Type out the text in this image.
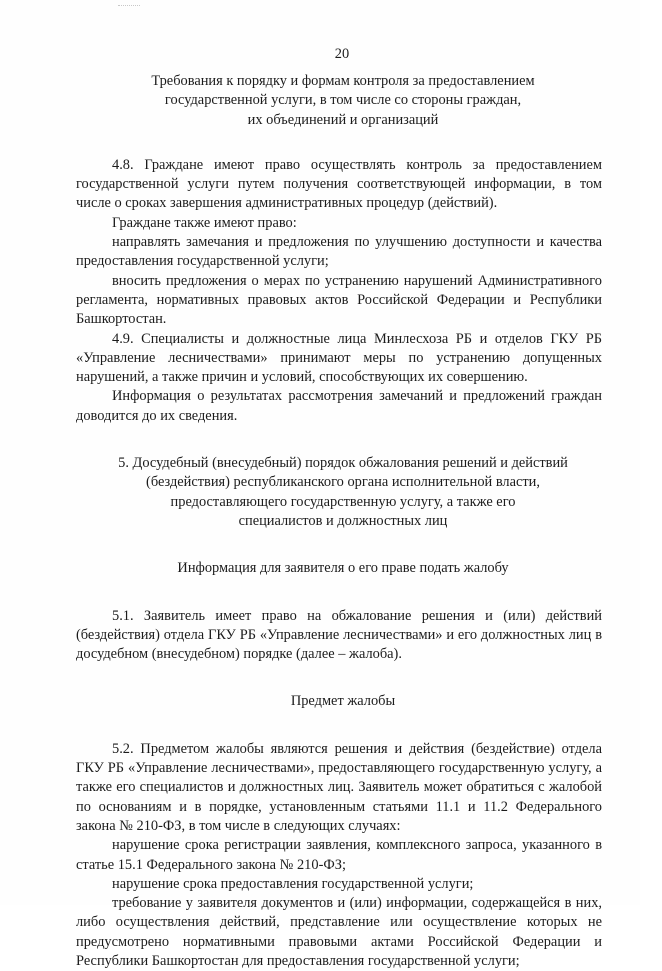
20

Требования к порядку и формам контроля за предоставлением

государственной услуги, в том числе со стороны граждан,

их объединений и организаций

4.8. Граждане имеют право осуществлять контроль за предоставлением государственной услуги путем получения соответствующей информации, в том числе о сроках завершения административных процедур (действий).

Граждане также имеют право:

направлять замечания и предложения по улучшению доступности и качества предоставления государственной услуги;

вносить предложения о мерах по устранению нарушений Административного регламента, нормативных правовых актов Российской Федерации и Республики Башкортостан.

4.9. Специалисты и должностные лица Минлесхоза РБ и отделов ГКУ РБ «Управление лесничествами» принимают меры по устранению допущенных нарушений, а также причин и условий, способствующих их совершению.

Информация о результатах рассмотрения замечаний и предложений граждан доводится до их сведения.

5. Досудебный (внесудебный) порядок обжалования решений и действий

(бездействия) республиканского органа исполнительной власти,

предоставляющего государственную услугу, а также его

специалистов и должностных лиц

Информация для заявителя о его праве подать жалобу

5.1. Заявитель имеет право на обжалование решения и (или) действий (бездействия) отдела ГКУ РБ «Управление лесничествами» и его должностных лиц в досудебном (внесудебном) порядке (далее – жалоба).

Предмет жалобы

5.2. Предметом жалобы являются решения и действия (бездействие) отдела ГКУ РБ «Управление лесничествами», предоставляющего государственную услугу, а также его специалистов и должностных лиц. Заявитель может обратиться с жалобой по основаниям и в порядке, установленным статьями 11.1 и 11.2 Федерального закона № 210-ФЗ, в том числе в следующих случаях:

нарушение срока регистрации заявления, комплексного запроса, указанного в статье 15.1 Федерального закона № 210-ФЗ;

нарушение срока предоставления государственной услуги;

требование у заявителя документов и (или) информации, содержащейся в них, либо осуществления действий, представление или осуществление которых не предусмотрено нормативными правовыми актами Российской Федерации и Республики Башкортостан для предоставления государственной услуги;
